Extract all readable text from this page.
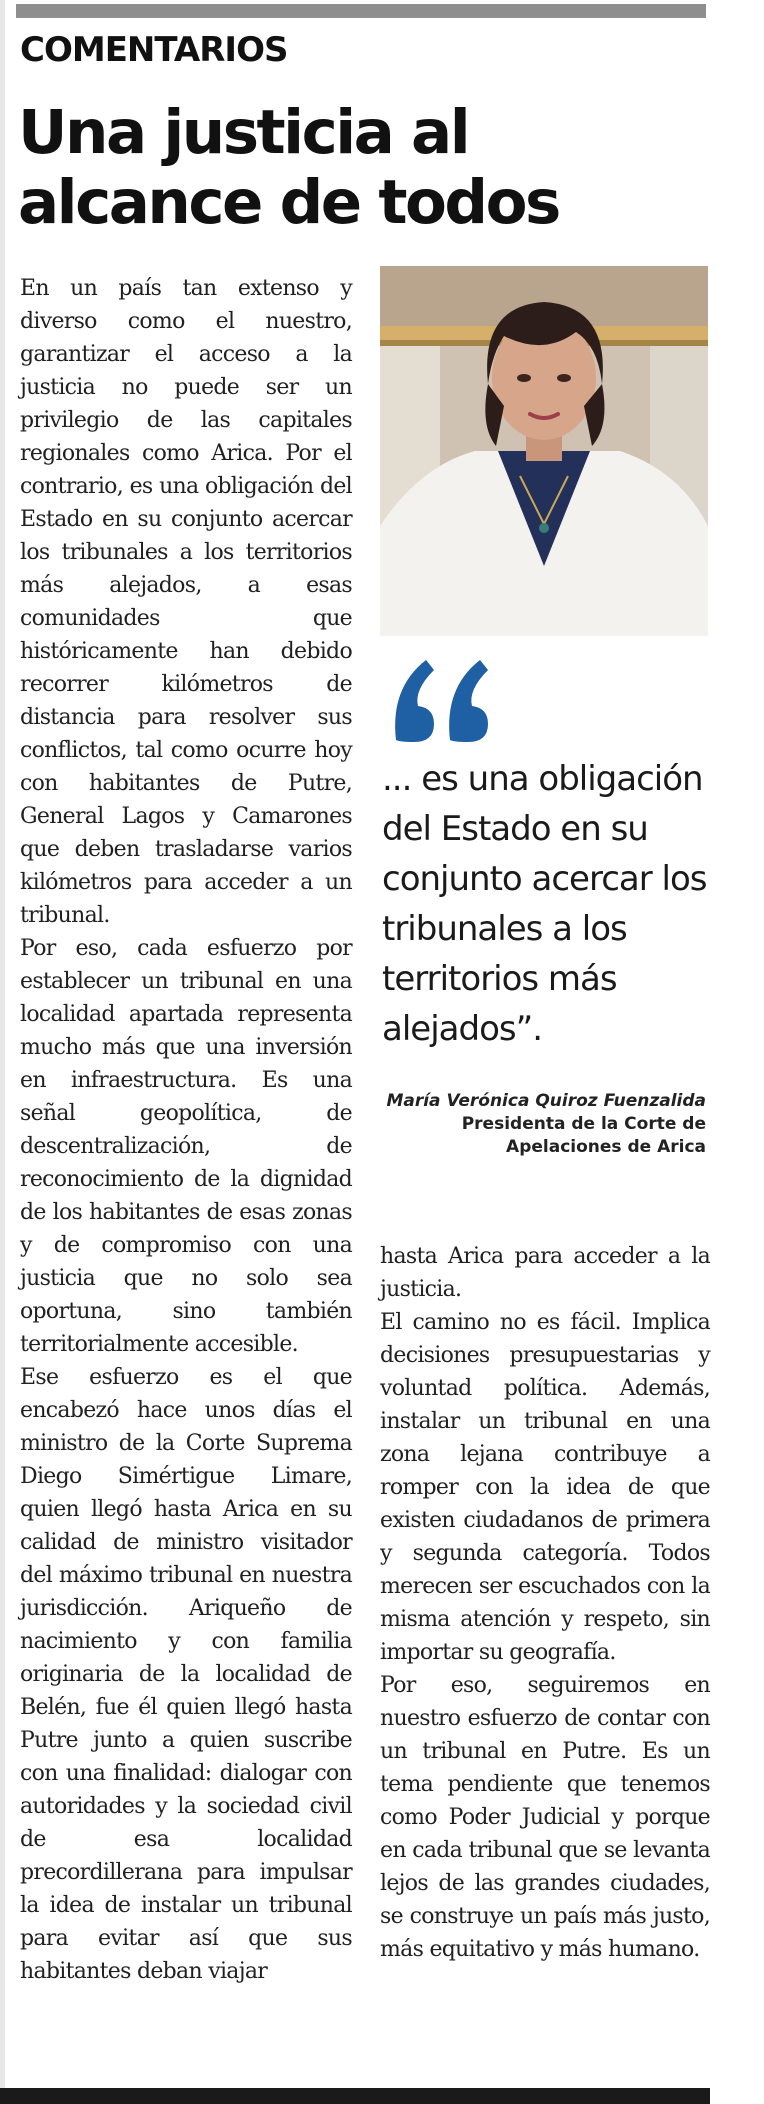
COMENTARIOS
Una justicia al alcance de todos

En un país tan extenso y diverso como el nuestro, garantizar el acceso a la justicia no puede ser un privilegio de las capitales regionales como Arica. Por el contrario, es una obligación del Estado en su conjunto acercar los tribunales a los territorios más alejados, a esas comunidades que históricamente han debido recorrer kilómetros de distancia para resolver sus conflictos, tal como ocurre hoy con habitantes de Putre, General Lagos y Camarones que deben trasladarse varios kilómetros para acceder a un tribunal.

Por eso, cada esfuerzo por establecer un tribunal en una localidad apartada representa mucho más que una inversión en infraestructura. Es una señal geopolítica, de descentralización, de reconocimiento de la dignidad de los habitantes de esas zonas y de compromiso con una justicia que no solo sea oportuna, sino también territorialmente accesible.

Ese esfuerzo es el que encabezó hace unos días el ministro de la Corte Suprema Diego Simértigue Limare, quien llegó hasta Arica en su calidad de ministro visitador del máximo tribunal en nuestra jurisdicción. Ariqueño de nacimiento y con familia originaria de la localidad de Belén, fue él quien llegó hasta Putre junto a quien suscribe con una finalidad: dialogar con autoridades y la sociedad civil de esa localidad precordillerana para impulsar la idea de instalar un tribunal para evitar así que sus habitantes deban viajar

... es una obligación del Estado en su conjunto acercar los tribunales a los territorios más alejados”.
María Verónica Quiroz Fuenzalida
Presidenta de la Corte de Apelaciones de Arica

hasta Arica para acceder a la justicia.

El camino no es fácil. Implica decisiones presupuestarias y voluntad política. Además, instalar un tribunal en una zona lejana contribuye a romper con la idea de que existen ciudadanos de primera y segunda categoría. Todos merecen ser escuchados con la misma atención y respeto, sin importar su geografía.

Por eso, seguiremos en nuestro esfuerzo de contar con un tribunal en Putre. Es un tema pendiente que tenemos como Poder Judicial y porque en cada tribunal que se levanta lejos de las grandes ciudades, se construye un país más justo, más equitativo y más humano.
